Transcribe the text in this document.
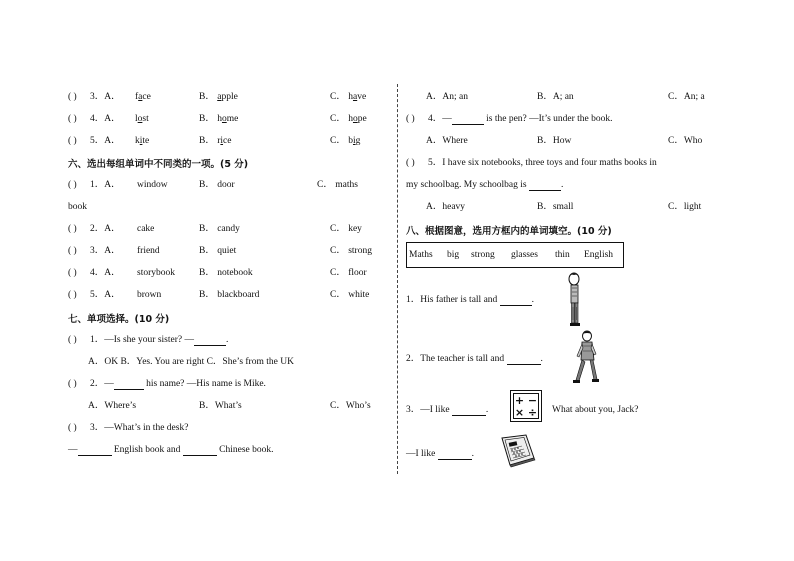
( ) 3．A． face	B． apple	C． have
( ) 4．A． lost	B． home	C． hope
( ) 5．A． kite	B． rice	C． big
六、选出每组单词中不同类的一项。(5 分)
( ) 1．A． window	B． door	C． maths
book
( ) 2．A． cake	B． candy	C． key
( ) 3．A． friend	B． quiet	C． strong
( ) 4．A． storybook	B． notebook	C． floor
( ) 5．A． brown	B． blackboard	C． white
七、单项选择。(10 分)
( ) 1．—Is she your sister? —	.
A．OK B．Yes. You are right C．She’s from the UK
( ) 2．—	his name? —His name is Mike.
A．Where’s	B．What’s	C．Who’s
( ) 3．—What’s in the desk?
—	English book and	Chinese book.
A．An; an	B．A; an	C．An; a
( ) 4．—	is the pen? —It’s under the book.
A．Where	B．How	C．Who
( ) 5．I have six notebooks, three toys and four maths books in
my schoolbag. My schoolbag is	.
A．heavy	B．small	C．light
八、根据图意，选用方框内的单词填空。(10 分)
Maths big strong glasses thin English
1．His father is tall and	.
2．The teacher is tall and	.
3．—I like	.	What about you, Jack?
+ −
× ÷
—I like	.
